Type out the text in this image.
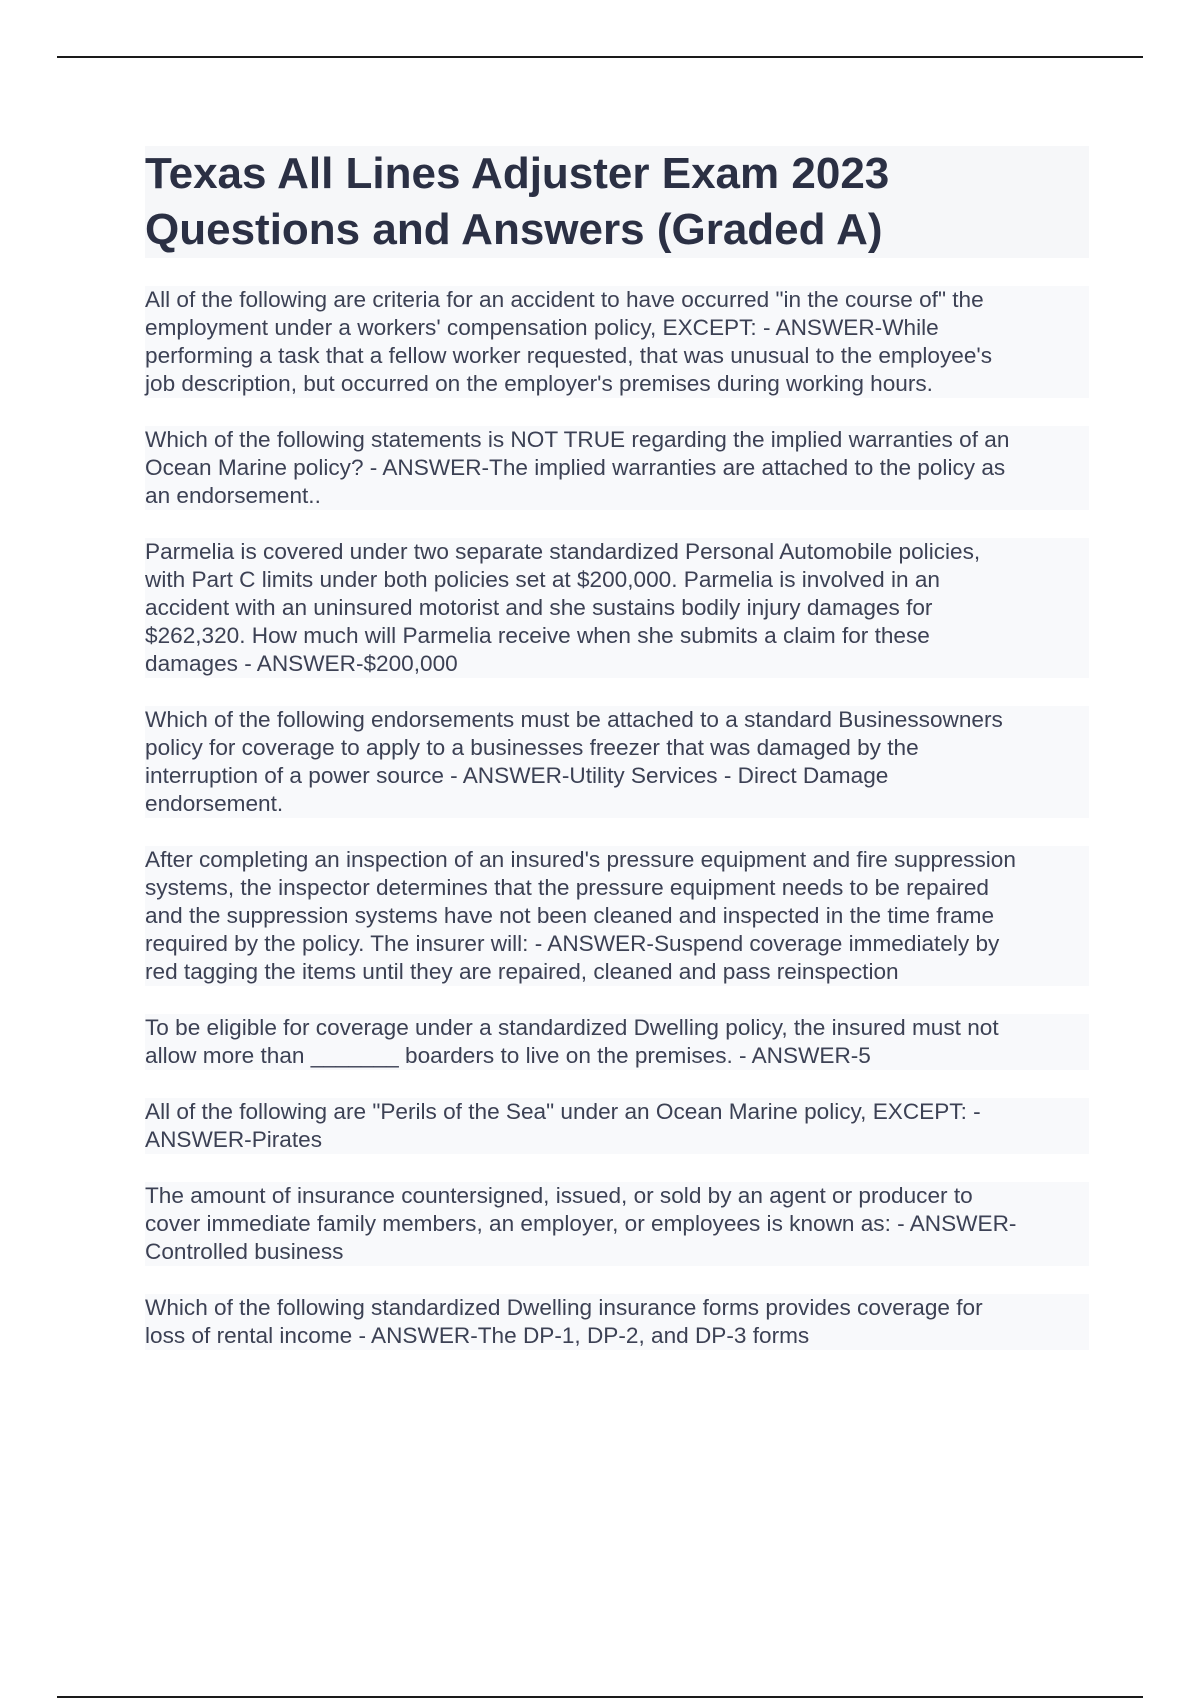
Texas All Lines Adjuster Exam 2023 Questions and Answers (Graded A)

All of the following are criteria for an accident to have occurred "in the course of" the
employment under a workers' compensation policy, EXCEPT: - ANSWER-While
performing a task that a fellow worker requested, that was unusual to the employee's
job description, but occurred on the employer's premises during working hours.

Which of the following statements is NOT TRUE regarding the implied warranties of an
Ocean Marine policy? - ANSWER-The implied warranties are attached to the policy as
an endorsement..

Parmelia is covered under two separate standardized Personal Automobile policies,
with Part C limits under both policies set at $200,000. Parmelia is involved in an
accident with an uninsured motorist and she sustains bodily injury damages for
$262,320. How much will Parmelia receive when she submits a claim for these
damages - ANSWER-$200,000

Which of the following endorsements must be attached to a standard Businessowners
policy for coverage to apply to a businesses freezer that was damaged by the
interruption of a power source - ANSWER-Utility Services - Direct Damage
endorsement.

After completing an inspection of an insured's pressure equipment and fire suppression
systems, the inspector determines that the pressure equipment needs to be repaired
and the suppression systems have not been cleaned and inspected in the time frame
required by the policy. The insurer will: - ANSWER-Suspend coverage immediately by
red tagging the items until they are repaired, cleaned and pass reinspection

To be eligible for coverage under a standardized Dwelling policy, the insured must not
allow more than _______ boarders to live on the premises. - ANSWER-5

All of the following are "Perils of the Sea" under an Ocean Marine policy, EXCEPT: -
ANSWER-Pirates

The amount of insurance countersigned, issued, or sold by an agent or producer to
cover immediate family members, an employer, or employees is known as: - ANSWER-
Controlled business

Which of the following standardized Dwelling insurance forms provides coverage for
loss of rental income - ANSWER-The DP-1, DP-2, and DP-3 forms
